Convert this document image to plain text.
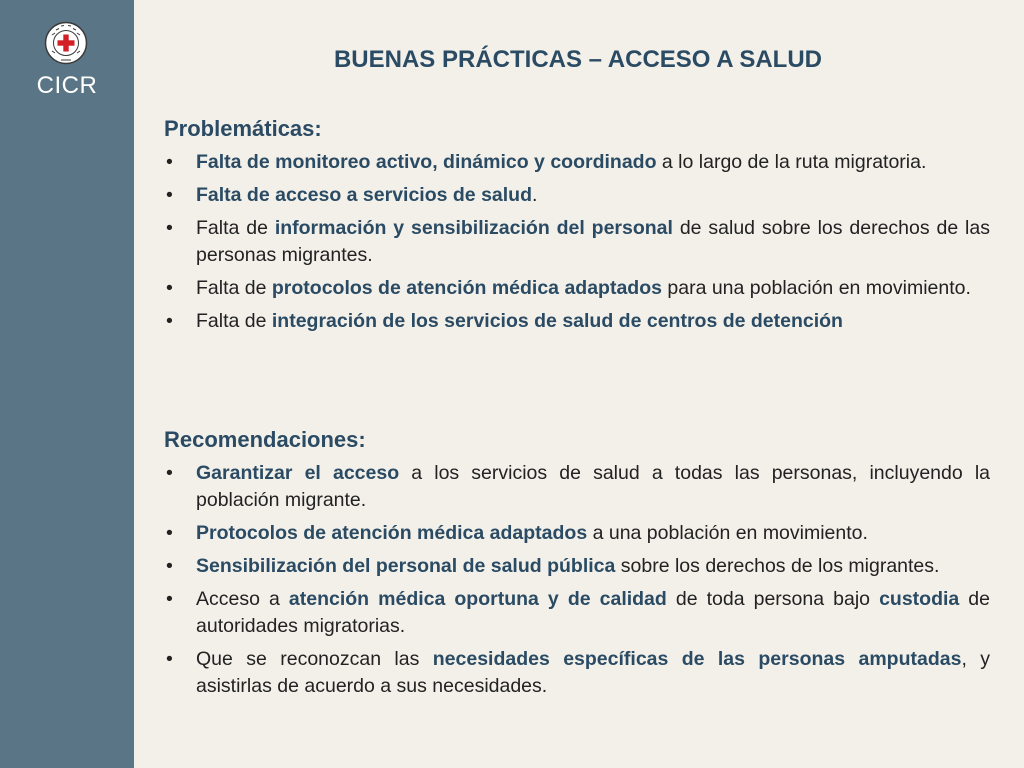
CICR
BUENAS PRÁCTICAS – ACCESO A SALUD
Problemáticas:
• Falta de monitoreo activo, dinámico y coordinado a lo largo de la ruta migratoria.
• Falta de acceso a servicios de salud.
• Falta de información y sensibilización del personal de salud sobre los derechos de las personas migrantes.
• Falta de protocolos de atención médica adaptados para una población en movimiento.
• Falta de integración de los servicios de salud de centros de detención
Recomendaciones:
• Garantizar el acceso a los servicios de salud a todas las personas, incluyendo la población migrante.
• Protocolos de atención médica adaptados a una población en movimiento.
• Sensibilización del personal de salud pública sobre los derechos de los migrantes.
• Acceso a atención médica oportuna y de calidad de toda persona bajo custodia de autoridades migratorias.
• Que se reconozcan las necesidades específicas de las personas amputadas, y asistirlas de acuerdo a sus necesidades.
